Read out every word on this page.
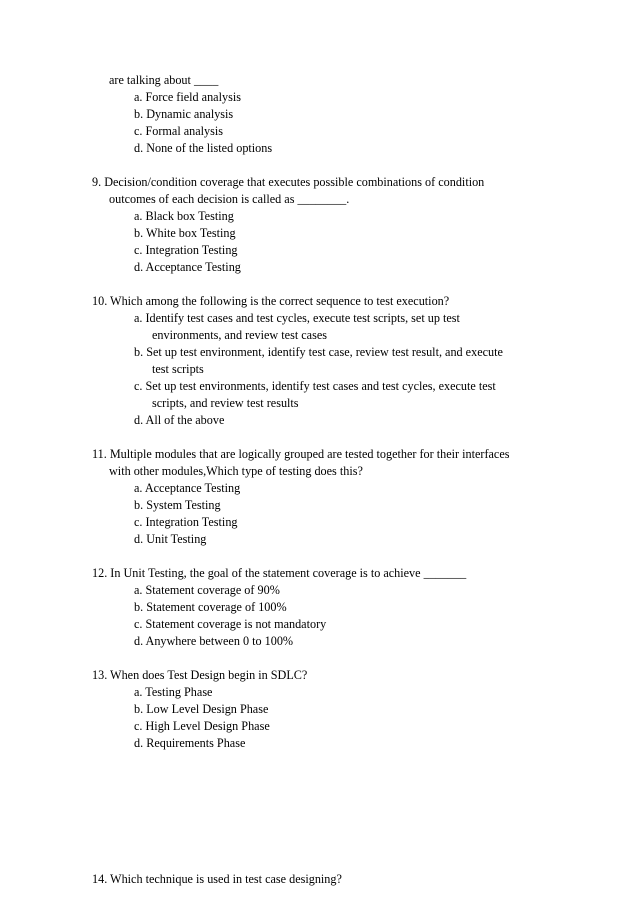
are talking about ____
a. Force field analysis
b. Dynamic analysis
c. Formal analysis
d. None of the listed options
9. Decision/condition coverage that executes possible combinations of condition
outcomes of each decision is called as ________.
a. Black box Testing
b. White box Testing
c. Integration Testing
d. Acceptance Testing
10. Which among the following is the correct sequence to test execution?
a. Identify test cases and test cycles, execute test scripts, set up test
environments, and review test cases
b. Set up test environment, identify test case, review test result, and execute
test scripts
c. Set up test environments, identify test cases and test cycles, execute test
scripts, and review test results
d. All of the above
11. Multiple modules that are logically grouped are tested together for their interfaces
with other modules,Which type of testing does this?
a. Acceptance Testing
b. System Testing
c. Integration Testing
d. Unit Testing
12. In Unit Testing, the goal of the statement coverage is to achieve _______
a. Statement coverage of 90%
b. Statement coverage of 100%
c. Statement coverage is not mandatory
d. Anywhere between 0 to 100%
13. When does Test Design begin in SDLC?
a. Testing Phase
b. Low Level Design Phase
c. High Level Design Phase
d. Requirements Phase
14. Which technique is used in test case designing?
